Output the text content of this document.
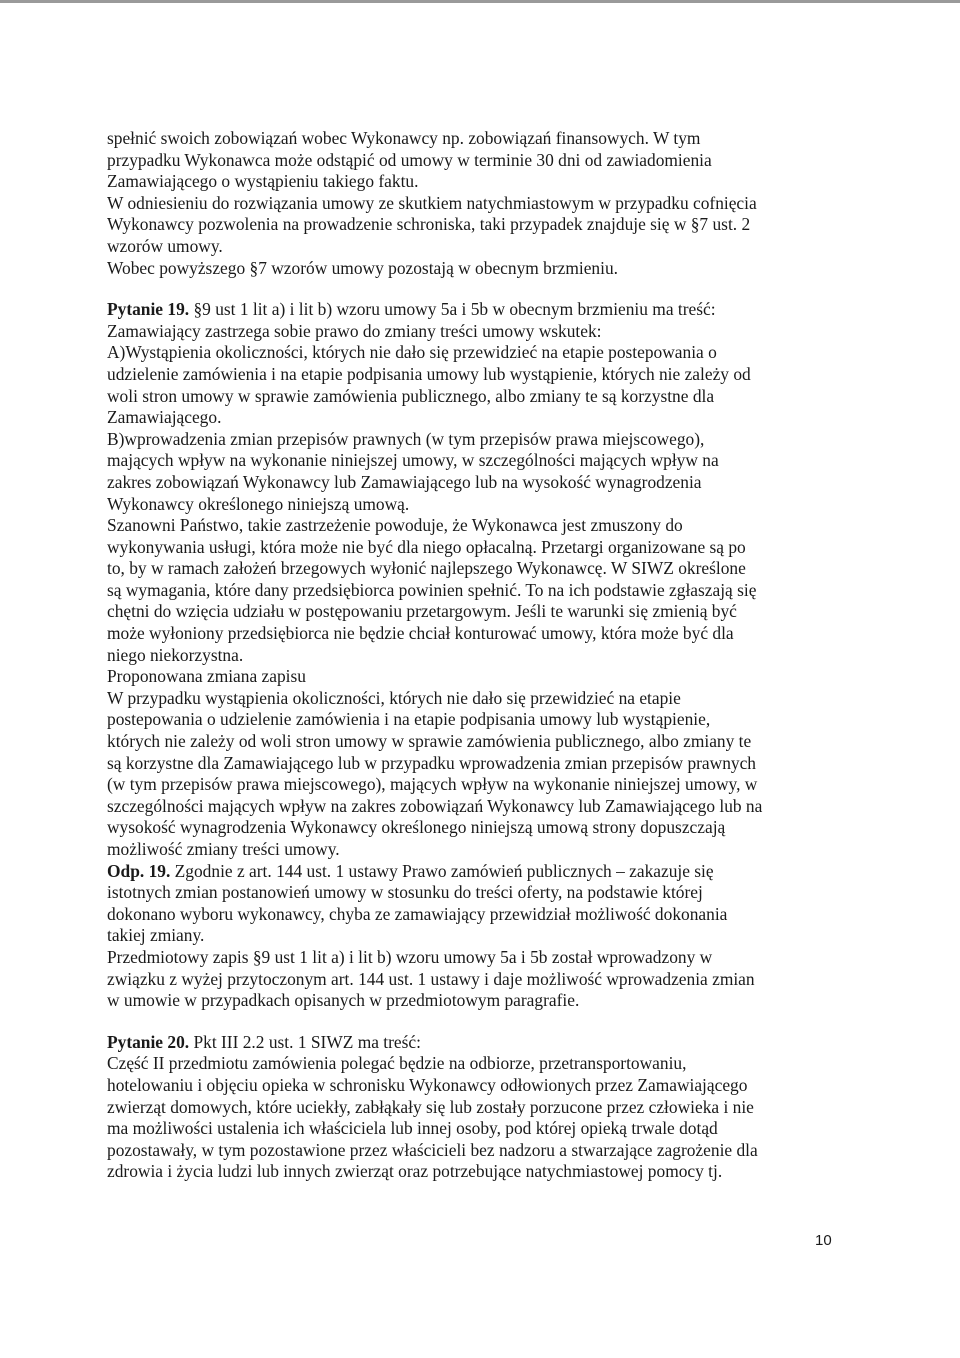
spełnić swoich zobowiązań wobec Wykonawcy np. zobowiązań finansowych. W tym
przypadku Wykonawca może odstąpić od umowy w terminie 30 dni od zawiadomienia
Zamawiającego o wystąpieniu takiego faktu.
W odniesieniu do rozwiązania umowy ze skutkiem natychmiastowym w przypadku cofnięcia
Wykonawcy pozwolenia na prowadzenie schroniska, taki przypadek znajduje się w §7 ust. 2
wzorów umowy.
Wobec powyższego §7 wzorów umowy pozostają w obecnym brzmieniu.
Pytanie 19. §9 ust 1 lit a) i lit b) wzoru umowy 5a i 5b w obecnym brzmieniu ma treść:
Zamawiający zastrzega sobie prawo do zmiany treści umowy wskutek:
A)Wystąpienia okoliczności, których nie dało się przewidzieć na etapie postepowania o
udzielenie zamówienia i na etapie podpisania umowy lub wystąpienie, których nie zależy od
woli stron umowy w sprawie zamówienia publicznego, albo zmiany te są korzystne dla
Zamawiającego.
B)wprowadzenia zmian przepisów prawnych (w tym przepisów prawa miejscowego),
mających wpływ na wykonanie niniejszej umowy, w szczególności mających wpływ na
zakres zobowiązań Wykonawcy lub Zamawiającego lub na wysokość wynagrodzenia
Wykonawcy określonego niniejszą umową.
Szanowni Państwo, takie zastrzeżenie powoduje, że Wykonawca jest zmuszony do
wykonywania usługi, która może nie być dla niego opłacalną. Przetargi organizowane są po
to, by w ramach założeń brzegowych wyłonić najlepszego Wykonawcę. W SIWZ określone
są wymagania, które dany przedsiębiorca powinien spełnić. To na ich podstawie zgłaszają się
chętni do wzięcia udziału w postępowaniu przetargowym. Jeśli te warunki się zmienią być
może wyłoniony przedsiębiorca nie będzie chciał konturować umowy, która może być dla
niego niekorzystna.
Proponowana zmiana zapisu
W przypadku wystąpienia okoliczności, których nie dało się przewidzieć na etapie
postepowania o udzielenie zamówienia i na etapie podpisania umowy lub wystąpienie,
których nie zależy od woli stron umowy w sprawie zamówienia publicznego, albo zmiany te
są korzystne dla Zamawiającego lub w przypadku wprowadzenia zmian przepisów prawnych
(w tym przepisów prawa miejscowego), mających wpływ na wykonanie niniejszej umowy, w
szczególności mających wpływ na zakres zobowiązań Wykonawcy lub Zamawiającego lub na
wysokość wynagrodzenia Wykonawcy określonego niniejszą umową strony dopuszczają
możliwość zmiany treści umowy.
Odp. 19. Zgodnie z art. 144 ust. 1 ustawy Prawo zamówień publicznych – zakazuje się
istotnych zmian postanowień umowy w stosunku do treści oferty, na podstawie której
dokonano wyboru wykonawcy, chyba ze zamawiający przewidział możliwość dokonania
takiej zmiany.
Przedmiotowy zapis §9 ust 1 lit a) i lit b) wzoru umowy 5a i 5b został wprowadzony w
związku z wyżej przytoczonym art. 144 ust. 1 ustawy i daje możliwość wprowadzenia zmian
w umowie w przypadkach opisanych w przedmiotowym paragrafie.
Pytanie 20. Pkt III 2.2 ust. 1 SIWZ ma treść:
Część II przedmiotu zamówienia polegać będzie na odbiorze, przetransportowaniu,
hotelowaniu i objęciu opieka w schronisku Wykonawcy odłowionych przez Zamawiającego
zwierząt domowych, które uciekły, zabłąkały się lub zostały porzucone przez człowieka i nie
ma możliwości ustalenia ich właściciela lub innej osoby, pod której opieką trwale dotąd
pozostawały, w tym pozostawione przez właścicieli bez nadzoru a stwarzające zagrożenie dla
zdrowia i życia ludzi lub innych zwierząt oraz potrzebujące natychmiastowej pomocy tj.
10
